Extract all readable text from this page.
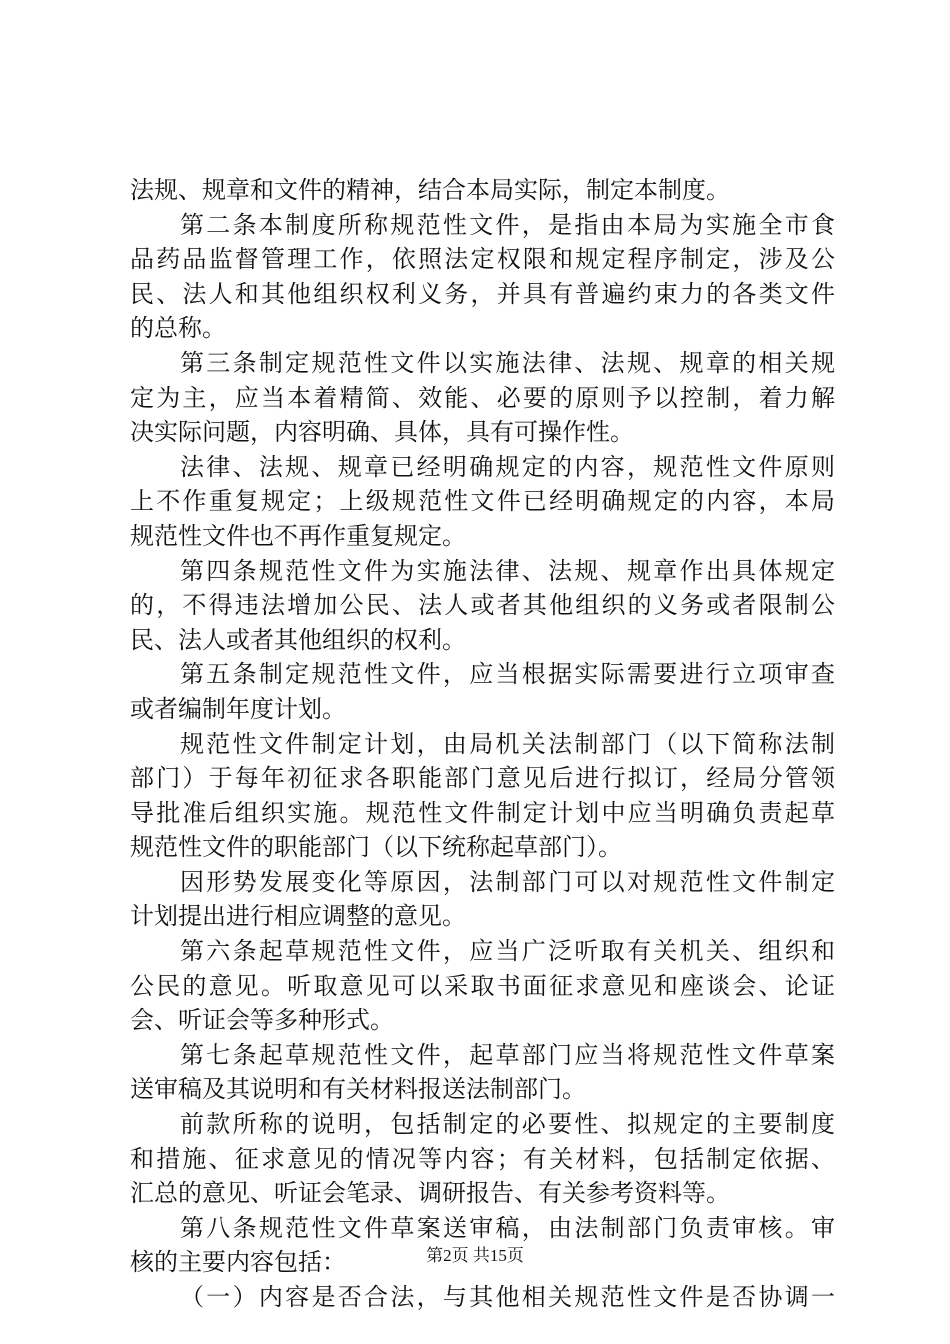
法规、规章和文件的精神，结合本局实际，制定本制度。
第二条本制度所称规范性文件，是指由本局为实施全市食
品药品监督管理工作，依照法定权限和规定程序制定，涉及公
民、法人和其他组织权利义务，并具有普遍约束力的各类文件
的总称。
第三条制定规范性文件以实施法律、法规、规章的相关规
定为主，应当本着精简、效能、必要的原则予以控制，着力解
决实际问题，内容明确、具体，具有可操作性。
法律、法规、规章已经明确规定的内容，规范性文件原则
上不作重复规定；上级规范性文件已经明确规定的内容，本局
规范性文件也不再作重复规定。
第四条规范性文件为实施法律、法规、规章作出具体规定
的，不得违法增加公民、法人或者其他组织的义务或者限制公
民、法人或者其他组织的权利。
第五条制定规范性文件，应当根据实际需要进行立项审查
或者编制年度计划。
规范性文件制定计划，由局机关法制部门（以下简称法制
部门）于每年初征求各职能部门意见后进行拟订，经局分管领
导批准后组织实施。规范性文件制定计划中应当明确负责起草
规范性文件的职能部门（以下统称起草部门）。
因形势发展变化等原因，法制部门可以对规范性文件制定
计划提出进行相应调整的意见。
第六条起草规范性文件，应当广泛听取有关机关、组织和
公民的意见。听取意见可以采取书面征求意见和座谈会、论证
会、听证会等多种形式。
第七条起草规范性文件，起草部门应当将规范性文件草案
送审稿及其说明和有关材料报送法制部门。
前款所称的说明，包括制定的必要性、拟规定的主要制度
和措施、征求意见的情况等内容；有关材料，包括制定依据、
汇总的意见、听证会笔录、调研报告、有关参考资料等。
第八条规范性文件草案送审稿，由法制部门负责审核。审
核的主要内容包括：
（一）内容是否合法，与其他相关规范性文件是否协调一
第2页 共15页
